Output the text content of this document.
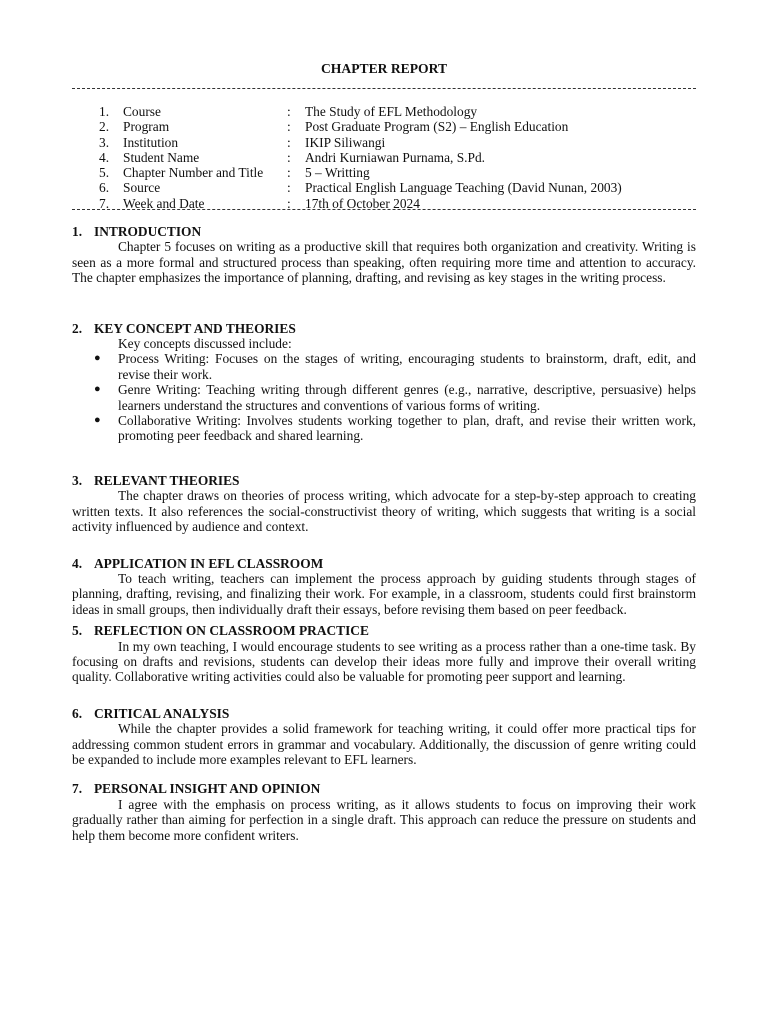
CHAPTER REPORT
1.	Course	:	The Study of EFL Methodology
2.	Program	:	Post Graduate Program (S2) – English Education
3.	Institution	:	IKIP Siliwangi
4.	Student Name	:	Andri Kurniawan Purnama, S.Pd.
5.	Chapter Number and Title	:	5 – Writting
6.	Source	:	Practical English Language Teaching (David Nunan, 2003)
7.	Week and Date	:	17th of October 2024
1. INTRODUCTION

Chapter 5 focuses on writing as a productive skill that requires both organization and creativity. Writing is seen as a more formal and structured process than speaking, often requiring more time and attention to accuracy. The chapter emphasizes the importance of planning, drafting, and revising as key stages in the writing process.

2. KEY CONCEPT AND THEORIES

Key concepts discussed include:

●	Process Writing: Focuses on the stages of writing, encouraging students to brainstorm, draft, edit, and revise their work.
●	Genre Writing: Teaching writing through different genres (e.g., narrative, descriptive, persuasive) helps learners understand the structures and conventions of various forms of writing.
●	Collaborative Writing: Involves students working together to plan, draft, and revise their written work, promoting peer feedback and shared learning.
3. RELEVANT THEORIES

The chapter draws on theories of process writing, which advocate for a step-by-step approach to creating written texts. It also references the social-constructivist theory of writing, which suggests that writing is a social activity influenced by audience and context.

4. APPLICATION IN EFL CLASSROOM

To teach writing, teachers can implement the process approach by guiding students through stages of planning, drafting, revising, and finalizing their work. For example, in a classroom, students could first brainstorm ideas in small groups, then individually draft their essays, before revising them based on peer feedback.

5. REFLECTION ON CLASSROOM PRACTICE

In my own teaching, I would encourage students to see writing as a process rather than a one-time task. By focusing on drafts and revisions, students can develop their ideas more fully and improve their overall writing quality. Collaborative writing activities could also be valuable for promoting peer support and learning.

6. CRITICAL ANALYSIS

While the chapter provides a solid framework for teaching writing, it could offer more practical tips for addressing common student errors in grammar and vocabulary. Additionally, the discussion of genre writing could be expanded to include more examples relevant to EFL learners.

7. PERSONAL INSIGHT AND OPINION

I agree with the emphasis on process writing, as it allows students to focus on improving their work gradually rather than aiming for perfection in a single draft. This approach can reduce the pressure on students and help them become more confident writers.
